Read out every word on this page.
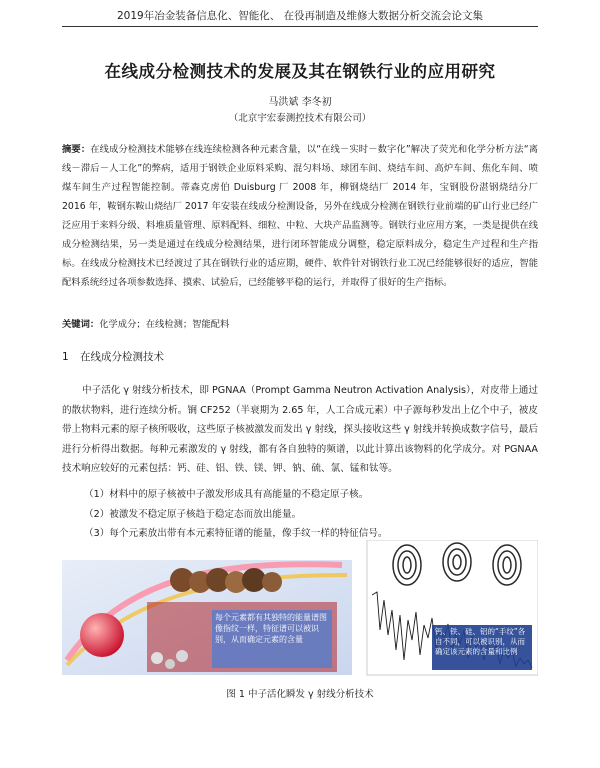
2019年冶金装备信息化、智能化、 在役再制造及维修大数据分析交流会论文集
在线成分检测技术的发展及其在钢铁行业的应用研究
马洪斌 李冬初
（北京宇宏泰测控技术有限公司）
摘要：在线成分检测技术能够在线连续检测各种元素含量，以“在线－实时－数字化”解决了荧光和化学分析方法“离线－滞后－人工化”的弊病，适用于钢铁企业原料采购、混匀料场、球团车间、烧结车间、高炉车间、焦化车间、喷煤车间生产过程智能控制。蒂森克虏伯 Duisburg 厂 2008 年，柳钢烧结厂 2014 年，宝钢股份湛钢烧结分厂 2016 年，鞍钢东鞍山烧结厂 2017 年安装在线成分检测设备，另外在线成分检测在钢铁行业前端的矿山行业已经广泛应用于来料分级、料堆质量管理、原料配料、细粒、中粒、大块产品监测等。钢铁行业应用方案，一类是提供在线成分检测结果，另一类是通过在线成分检测结果，进行闭环智能成分调整，稳定原料成分，稳定生产过程和生产指标。在线成分检测技术已经渡过了其在钢铁行业的适应期，硬件、软件针对钢铁行业工况已经能够很好的适应，智能配料系统经过各项参数选择、摸索、试验后，已经能够平稳的运行，并取得了很好的生产指标。
关键词：化学成分；在线检测；智能配料
1 在线成分检测技术
中子活化 γ 射线分析技术，即 PGNAA（Prompt Gamma Neutron Activation Analysis），对皮带上通过的散状物料，进行连续分析。锎 CF252（半衰期为 2.65 年，人工合成元素）中子源每秒发出上亿个中子，被皮带上物料元素的原子核所吸收，这些原子核被激发而发出 γ 射线，探头接收这些 γ 射线并转换成数字信号，最后进行分析得出数据。每种元素激发的 γ 射线，都有各自独特的频谱，以此计算出该物料的化学成分。对 PGNAA 技术响应较好的元素包括：钙、硅、铝、铁、镁、钾、钠、硫、氯、锰和钛等。
（1）材料中的原子核被中子激发形成具有高能量的不稳定原子核。
（2）被激发不稳定原子核趋于稳定态而放出能量。
（3）每个元素放出带有本元素特征谱的能量，像手纹一样的特征信号。
每个元素都有其独特的能量谱图像指纹一样，特征谱可以被识别，从而确定元素的含量
钙、铁、硅、铝的“手纹”各自不同，可以被识别，从而确定该元素的含量和比例
图 1 中子活化瞬发 γ 射线分析技术
